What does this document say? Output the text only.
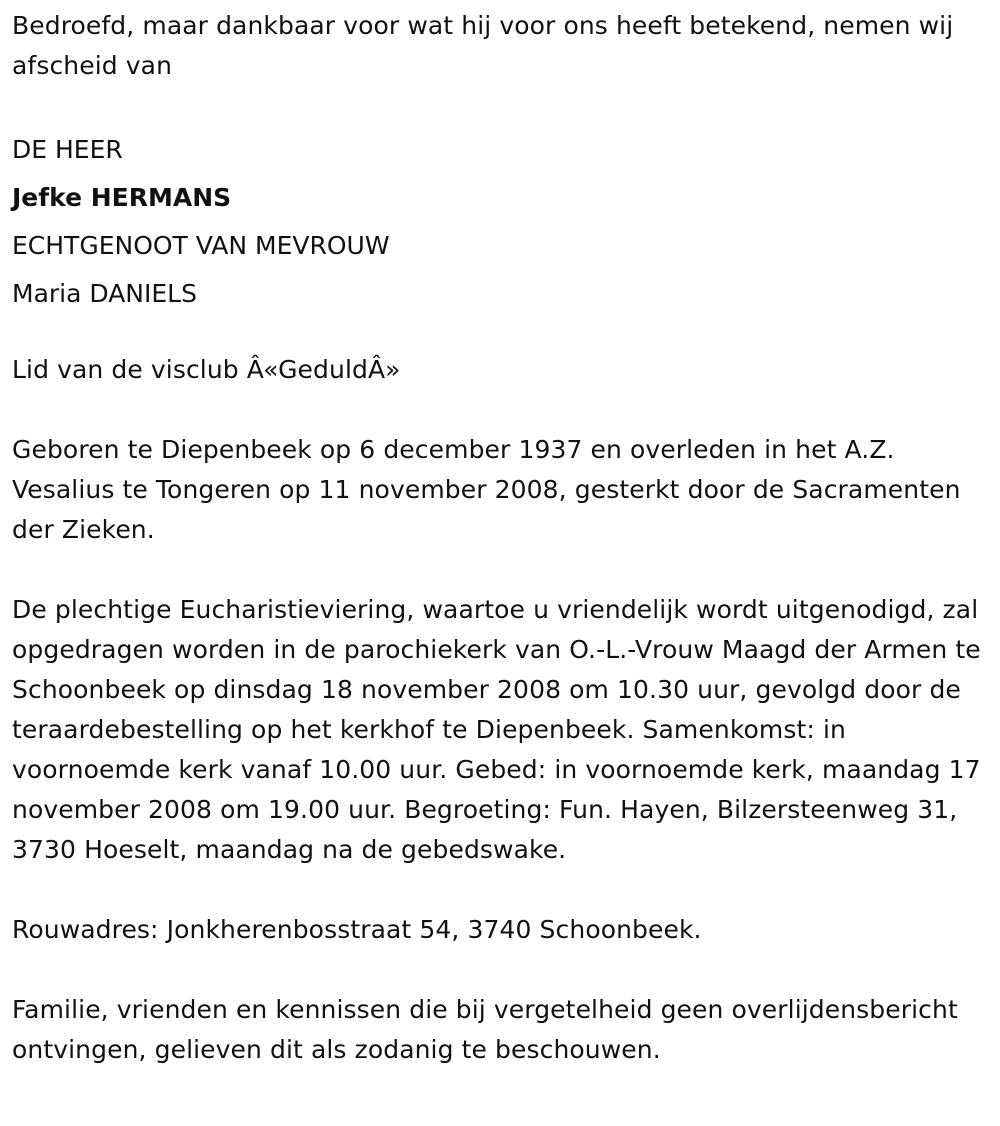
Bedroefd, maar dankbaar voor wat hij voor ons heeft betekend, nemen wij afscheid van

DE HEER

Jefke HERMANS

ECHTGENOOT VAN MEVROUW

Maria DANIELS

Lid van de visclub Â«GeduldÂ»

Geboren te Diepenbeek op 6 december 1937 en overleden in het A.Z. Vesalius te Tongeren op 11 november 2008, gesterkt door de Sacramenten der Zieken.

De plechtige Eucharistieviering, waartoe u vriendelijk wordt uitgenodigd, zal opgedragen worden in de parochiekerk van O.-L.-Vrouw Maagd der Armen te Schoonbeek op dinsdag 18 november 2008 om 10.30 uur, gevolgd door de teraardebestelling op het kerkhof te Diepenbeek. Samenkomst: in voornoemde kerk vanaf 10.00 uur. Gebed: in voornoemde kerk, maandag 17 november 2008 om 19.00 uur. Begroeting: Fun. Hayen, Bilzersteenweg 31, 3730 Hoeselt, maandag na de gebedswake.

Rouwadres: Jonkherenbosstraat 54, 3740 Schoonbeek.

Familie, vrienden en kennissen die bij vergetelheid geen overlijdensbericht ontvingen, gelieven dit als zodanig te beschouwen.
